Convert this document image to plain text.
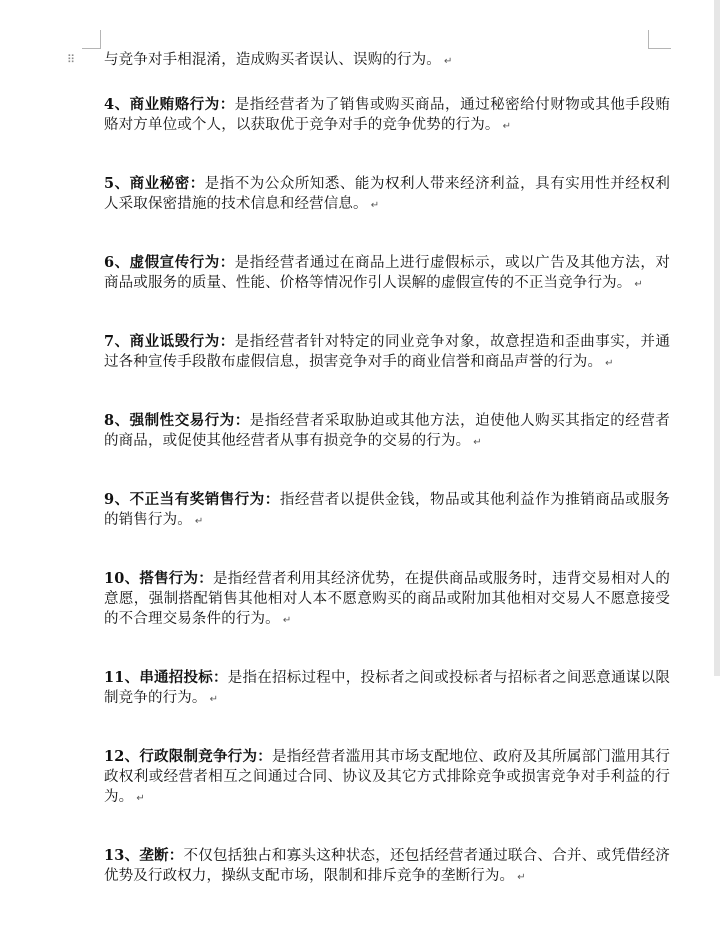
⠿ 与竞争对手相混淆，造成购买者误认、误购的行为。 ↵

4、商业贿赂行为：是指经营者为了销售或购买商品，通过秘密给付财物或其他手段贿赂对方单位或个人，以获取优于竞争对手的竞争优势的行为。 ↵

5、商业秘密：是指不为公众所知悉、能为权利人带来经济利益，具有实用性并经权利人采取保密措施的技术信息和经营信息。 ↵

6、虚假宣传行为：是指经营者通过在商品上进行虚假标示，或以广告及其他方法，对商品或服务的质量、性能、价格等情况作引人误解的虚假宣传的不正当竞争行为。 ↵

7、商业诋毁行为：是指经营者针对特定的同业竞争对象，故意捏造和歪曲事实，并通过各种宣传手段散布虚假信息，损害竞争对手的商业信誉和商品声誉的行为。 ↵

8、强制性交易行为：是指经营者采取胁迫或其他方法，迫使他人购买其指定的经营者的商品，或促使其他经营者从事有损竞争的交易的行为。 ↵

9、不正当有奖销售行为：指经营者以提供金钱，物品或其他利益作为推销商品或服务的销售行为。 ↵

10、搭售行为：是指经营者利用其经济优势，在提供商品或服务时，违背交易相对人的意愿，强制搭配销售其他相对人本不愿意购买的商品或附加其他相对交易人不愿意接受的不合理交易条件的行为。 ↵

11、串通招投标：是指在招标过程中，投标者之间或投标者与招标者之间恶意通谋以限制竞争的行为。 ↵

12、行政限制竞争行为：是指经营者滥用其市场支配地位、政府及其所属部门滥用其行政权利或经营者相互之间通过合同、协议及其它方式排除竞争或损害竞争对手利益的行为。 ↵

13、垄断：不仅包括独占和寡头这种状态，还包括经营者通过联合、合并、或凭借经济优势及行政权力，操纵支配市场，限制和排斥竞争的垄断行为。 ↵
